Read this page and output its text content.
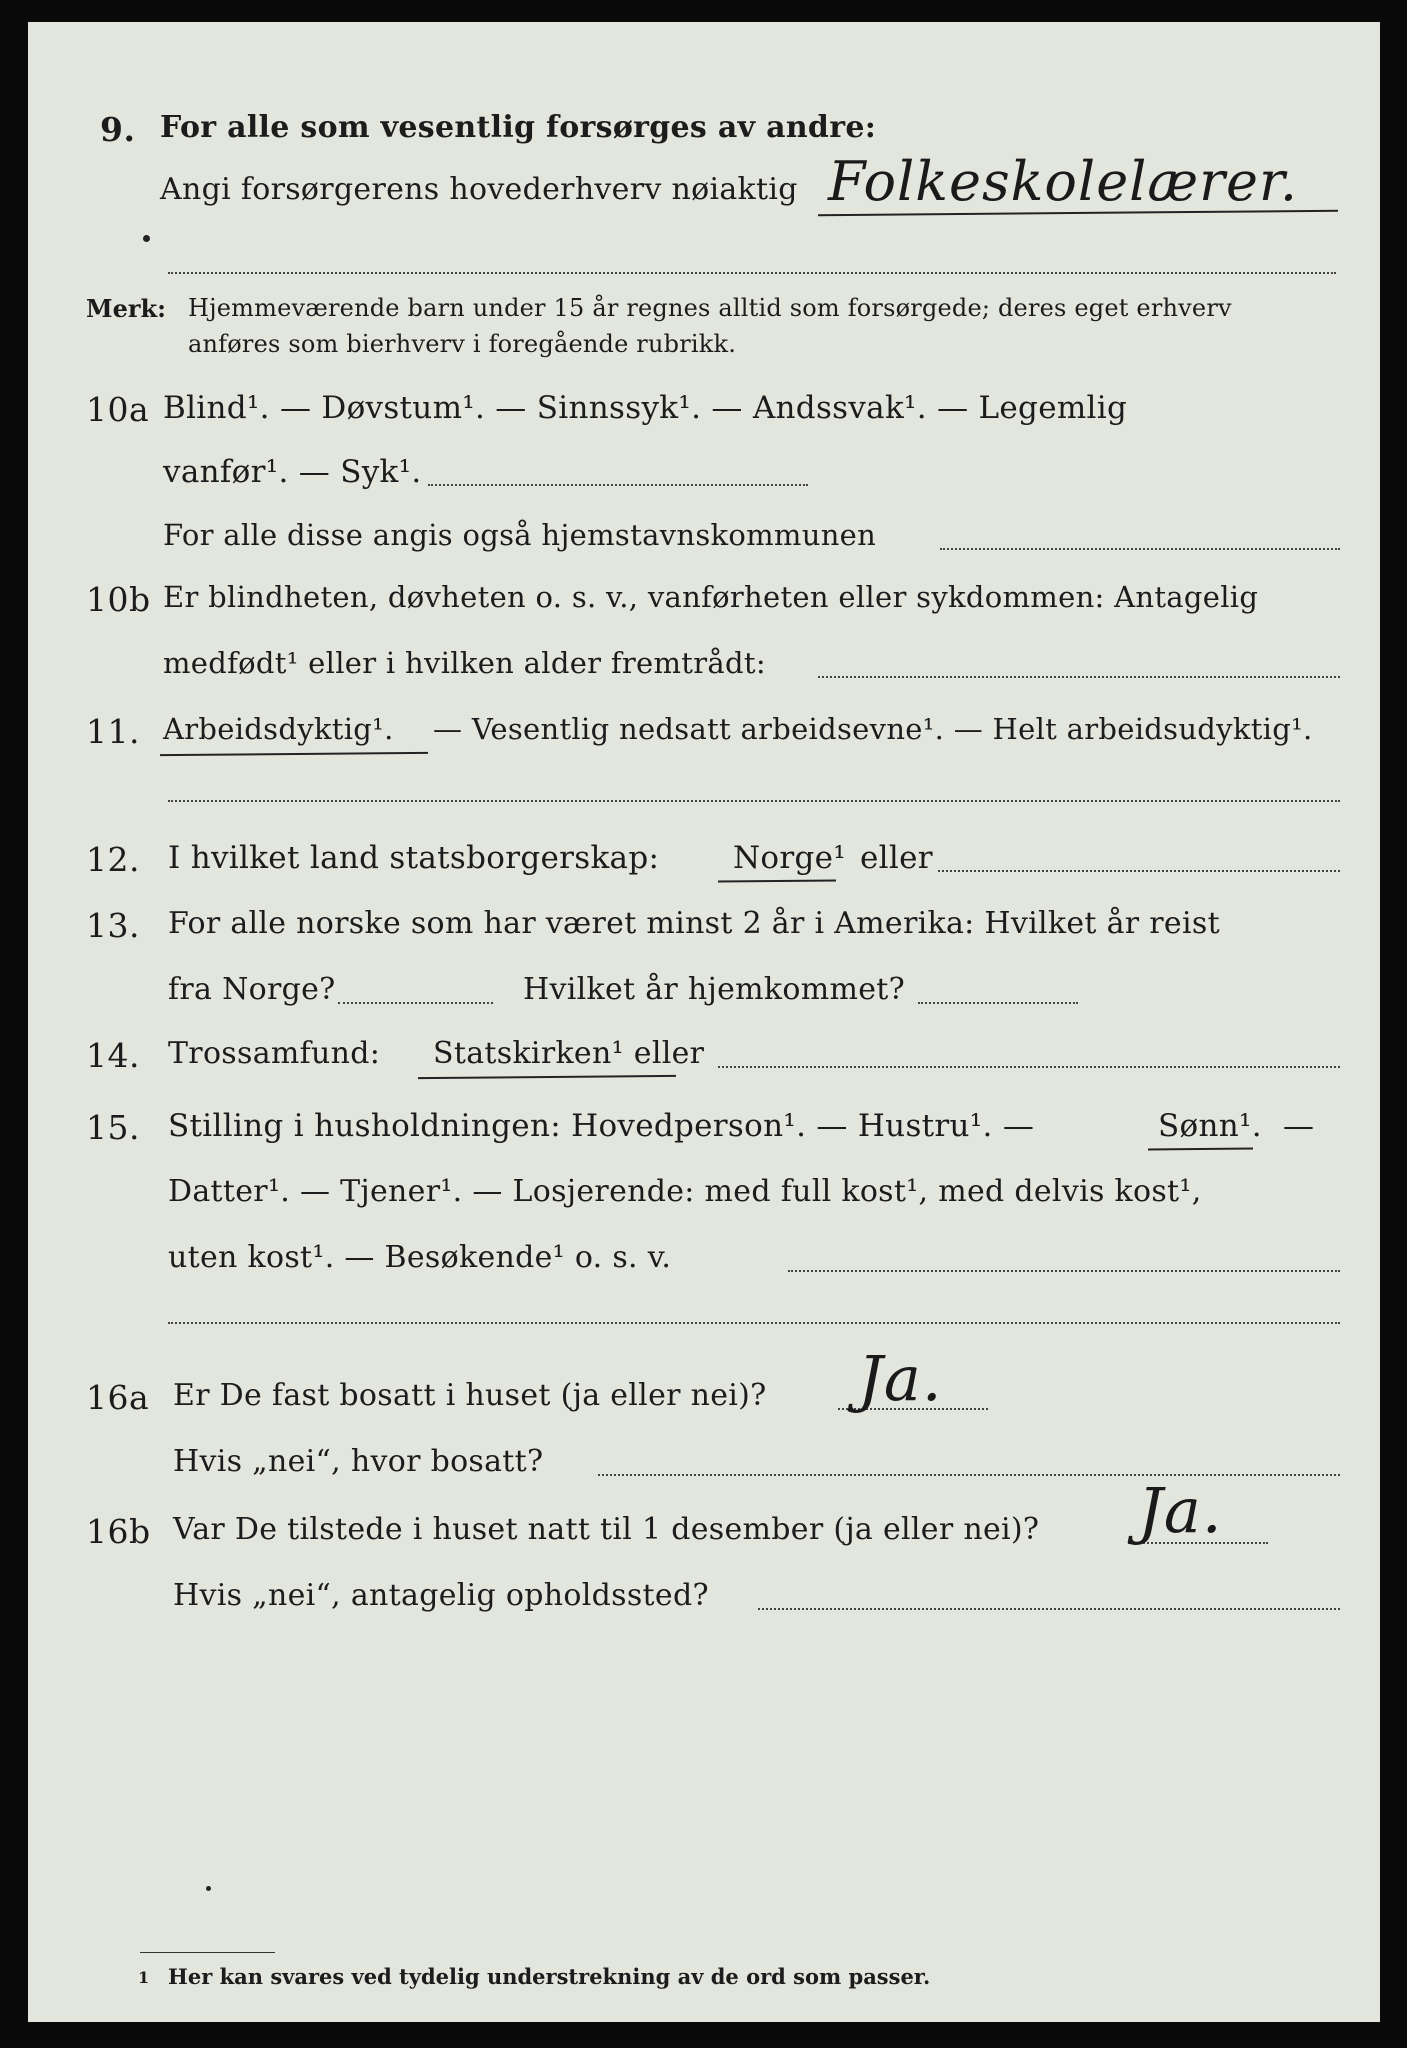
9. For alle som vesentlig forsørges av andre:
Angi forsørgerens hovederhverv nøiaktig Folkeskolelærer.
Merk: Hjemmeværende barn under 15 år regnes alltid som forsørgede; deres eget erhverv
anføres som bierhverv i foregående rubrikk.
10a Blind¹. — Døvstum¹. — Sinnssyk¹. — Andssvak¹. — Legemlig
vanfør¹. — Syk¹.
For alle disse angis også hjemstavnskommunen
10b Er blindheten, døvheten o. s. v., vanførheten eller sykdommen: Antagelig
medfødt¹ eller i hvilken alder fremtrådt:
11. Arbeidsdyktig¹. — Vesentlig nedsatt arbeidsevne¹. — Helt arbeidsudyktig¹.
12. I hvilket land statsborgerskap: Norge¹ eller
13. For alle norske som har været minst 2 år i Amerika: Hvilket år reist
fra Norge?	Hvilket år hjemkommet?
14. Trossamfund: Statskirken¹ eller
15. Stilling i husholdningen: Hovedperson¹. — Hustru¹. —	Sønn¹. —
Datter¹. — Tjener¹. — Losjerende: med full kost¹, med delvis kost¹,
uten kost¹. — Besøkende¹ o. s. v.
16a Er De fast bosatt i huset (ja eller nei)? Ja.
Hvis „nei“, hvor bosatt?
16b Var De tilstede i huset natt til 1 desember (ja eller nei)? Ja.
Hvis „nei“, antagelig opholdssted?
1 Her kan svares ved tydelig understrekning av de ord som passer.
